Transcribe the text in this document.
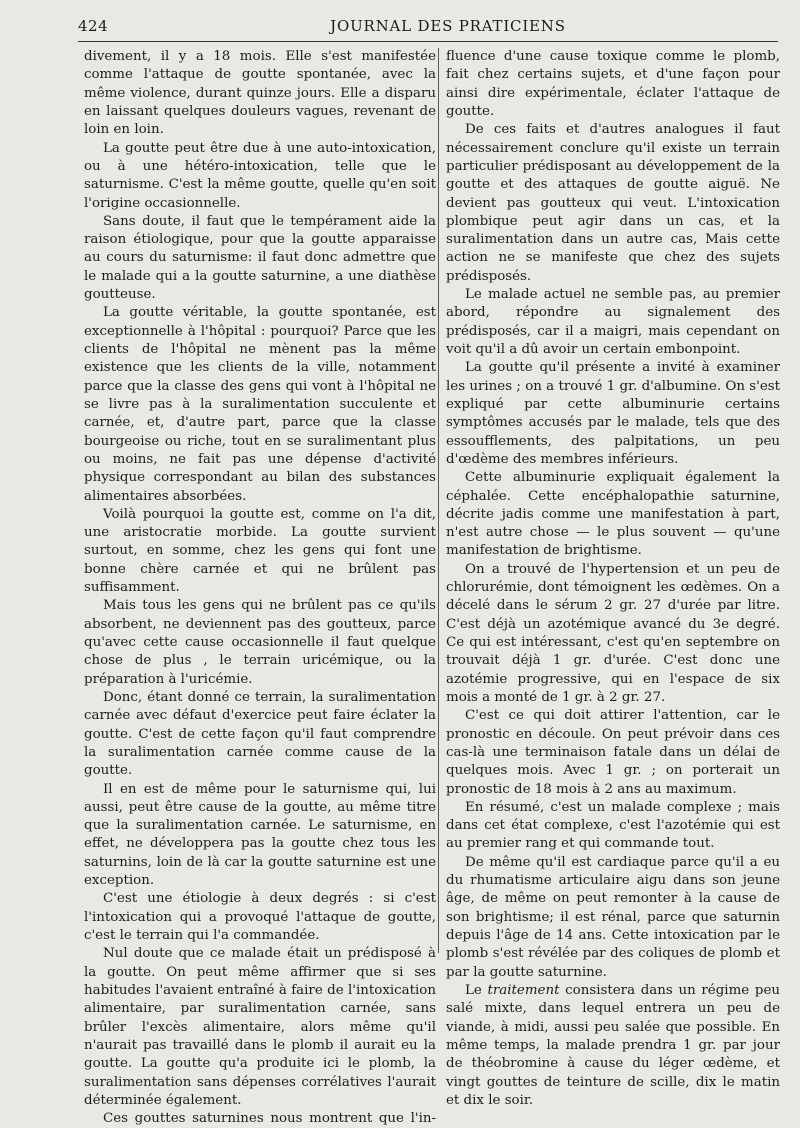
424	JOURNAL DES PRATICIENS

divement, il y a 18 mois. Elle s'est manifestée comme l'attaque de goutte spontanée, avec la même violence, durant quinze jours. Elle a disparu en laissant quelques douleurs vagues, revenant de loin en loin.

La goutte peut être due à une auto-intoxication, ou à une hétéro-intoxication, telle que le saturnisme. C'est la même goutte, quelle qu'en soit l'origine occasionnelle.

Sans doute, il faut que le tempérament aide la raison étiologique, pour que la goutte apparaisse au cours du saturnisme: il faut donc admettre que le malade qui a la goutte saturnine, a une diathèse goutteuse.

La goutte véritable, la goutte spontanée, est exceptionnelle à l'hôpital : pourquoi? Parce que les clients de l'hôpital ne mènent pas la même existence que les clients de la ville, notamment parce que la classe des gens qui vont à l'hôpital ne se livre pas à la suralimentation succulente et carnée, et, d'autre part, parce que la classe bourgeoise ou riche, tout en se suralimentant plus ou moins, ne fait pas une dépense d'activité physique correspondant au bilan des substances alimentaires absorbées.

Voilà pourquoi la goutte est, comme on l'a dit, une aristocratie morbide. La goutte survient surtout, en somme, chez les gens qui font une bonne chère carnée et qui ne brûlent pas suffisamment.

Mais tous les gens qui ne brûlent pas ce qu'ils absorbent, ne deviennent pas des goutteux, parce qu'avec cette cause occasionnelle il faut quelque chose de plus , le terrain uricémique, ou la préparation à l'uricémie.

Donc, étant donné ce terrain, la suralimentation carnée avec défaut d'exercice peut faire éclater la goutte. C'est de cette façon qu'il faut comprendre la suralimentation carnée comme cause de la goutte.

Il en est de même pour le saturnisme qui, lui aussi, peut être cause de la goutte, au même titre que la suralimentation carnée. Le saturnisme, en effet, ne développera pas la goutte chez tous les saturnins, loin de là car la goutte saturnine est une exception.

C'est une étiologie à deux degrés : si c'est l'intoxication qui a provoqué l'attaque de goutte, c'est le terrain qui l'a commandée.

Nul doute que ce malade était un prédisposé à la goutte. On peut même affirmer que si ses habitudes l'avaient entraîné à faire de l'intoxication alimentaire, par suralimentation carnée, sans brûler l'excès alimentaire, alors même qu'il n'aurait pas travaillé dans le plomb il aurait eu la goutte. La goutte qu'a produite ici le plomb, la suralimentation sans dépenses corrélatives l'aurait déterminée également.

Ces gouttes saturnines nous montrent que l'in-

fluence d'une cause toxique comme le plomb, fait chez certains sujets, et d'une façon pour ainsi dire expérimentale, éclater l'attaque de goutte.

De ces faits et d'autres analogues il faut nécessairement conclure qu'il existe un terrain particulier prédisposant au développement de la goutte et des attaques de goutte aiguë. Ne devient pas goutteux qui veut. L'intoxication plombique peut agir dans un cas, et la suralimentation dans un autre cas, Mais cette action ne se manifeste que chez des sujets prédisposés.

Le malade actuel ne semble pas, au premier abord, répondre au signalement des prédisposés, car il a maigri, mais cependant on voit qu'il a dû avoir un certain embonpoint.

La goutte qu'il présente a invité à examiner les urines ; on a trouvé 1 gr. d'albumine. On s'est expliqué par cette albuminurie certains symptômes accusés par le malade, tels que des essoufflements, des palpitations, un peu d'œdème des membres inférieurs.

Cette albuminurie expliquait également la céphalée. Cette encéphalopathie saturnine, décrite jadis comme une manifestation à part, n'est autre chose — le plus souvent — qu'une manifestation de brightisme.

On a trouvé de l'hypertension et un peu de chlorurémie, dont témoignent les œdèmes. On a décelé dans le sérum 2 gr. 27 d'urée par litre. C'est déjà un azotémique avancé du 3e degré. Ce qui est intéressant, c'est qu'en septembre on trouvait déjà 1 gr. d'urée. C'est donc une azotémie progressive, qui en l'espace de six mois a monté de 1 gr. à 2 gr. 27.

C'est ce qui doit attirer l'attention, car le pronostic en découle. On peut prévoir dans ces cas-là une terminaison fatale dans un délai de quelques mois. Avec 1 gr. ; on porterait un pronostic de 18 mois à 2 ans au maximum.

En résumé, c'est un malade complexe ; mais dans cet état complexe, c'est l'azotémie qui est au premier rang et qui commande tout.

De même qu'il est cardiaque parce qu'il a eu du rhumatisme articulaire aigu dans son jeune âge, de même on peut remonter à la cause de son brightisme; il est rénal, parce que saturnin depuis l'âge de 14 ans. Cette intoxication par le plomb s'est révélée par des coliques de plomb et par la goutte saturnine.

Le traitement consistera dans un régime peu salé mixte, dans lequel entrera un peu de viande, à midi, aussi peu salée que possible. En même temps, la malade prendra 1 gr. par jour de théobromine à cause du léger œdème, et vingt gouttes de teinture de scille, dix le matin et dix le soir.
